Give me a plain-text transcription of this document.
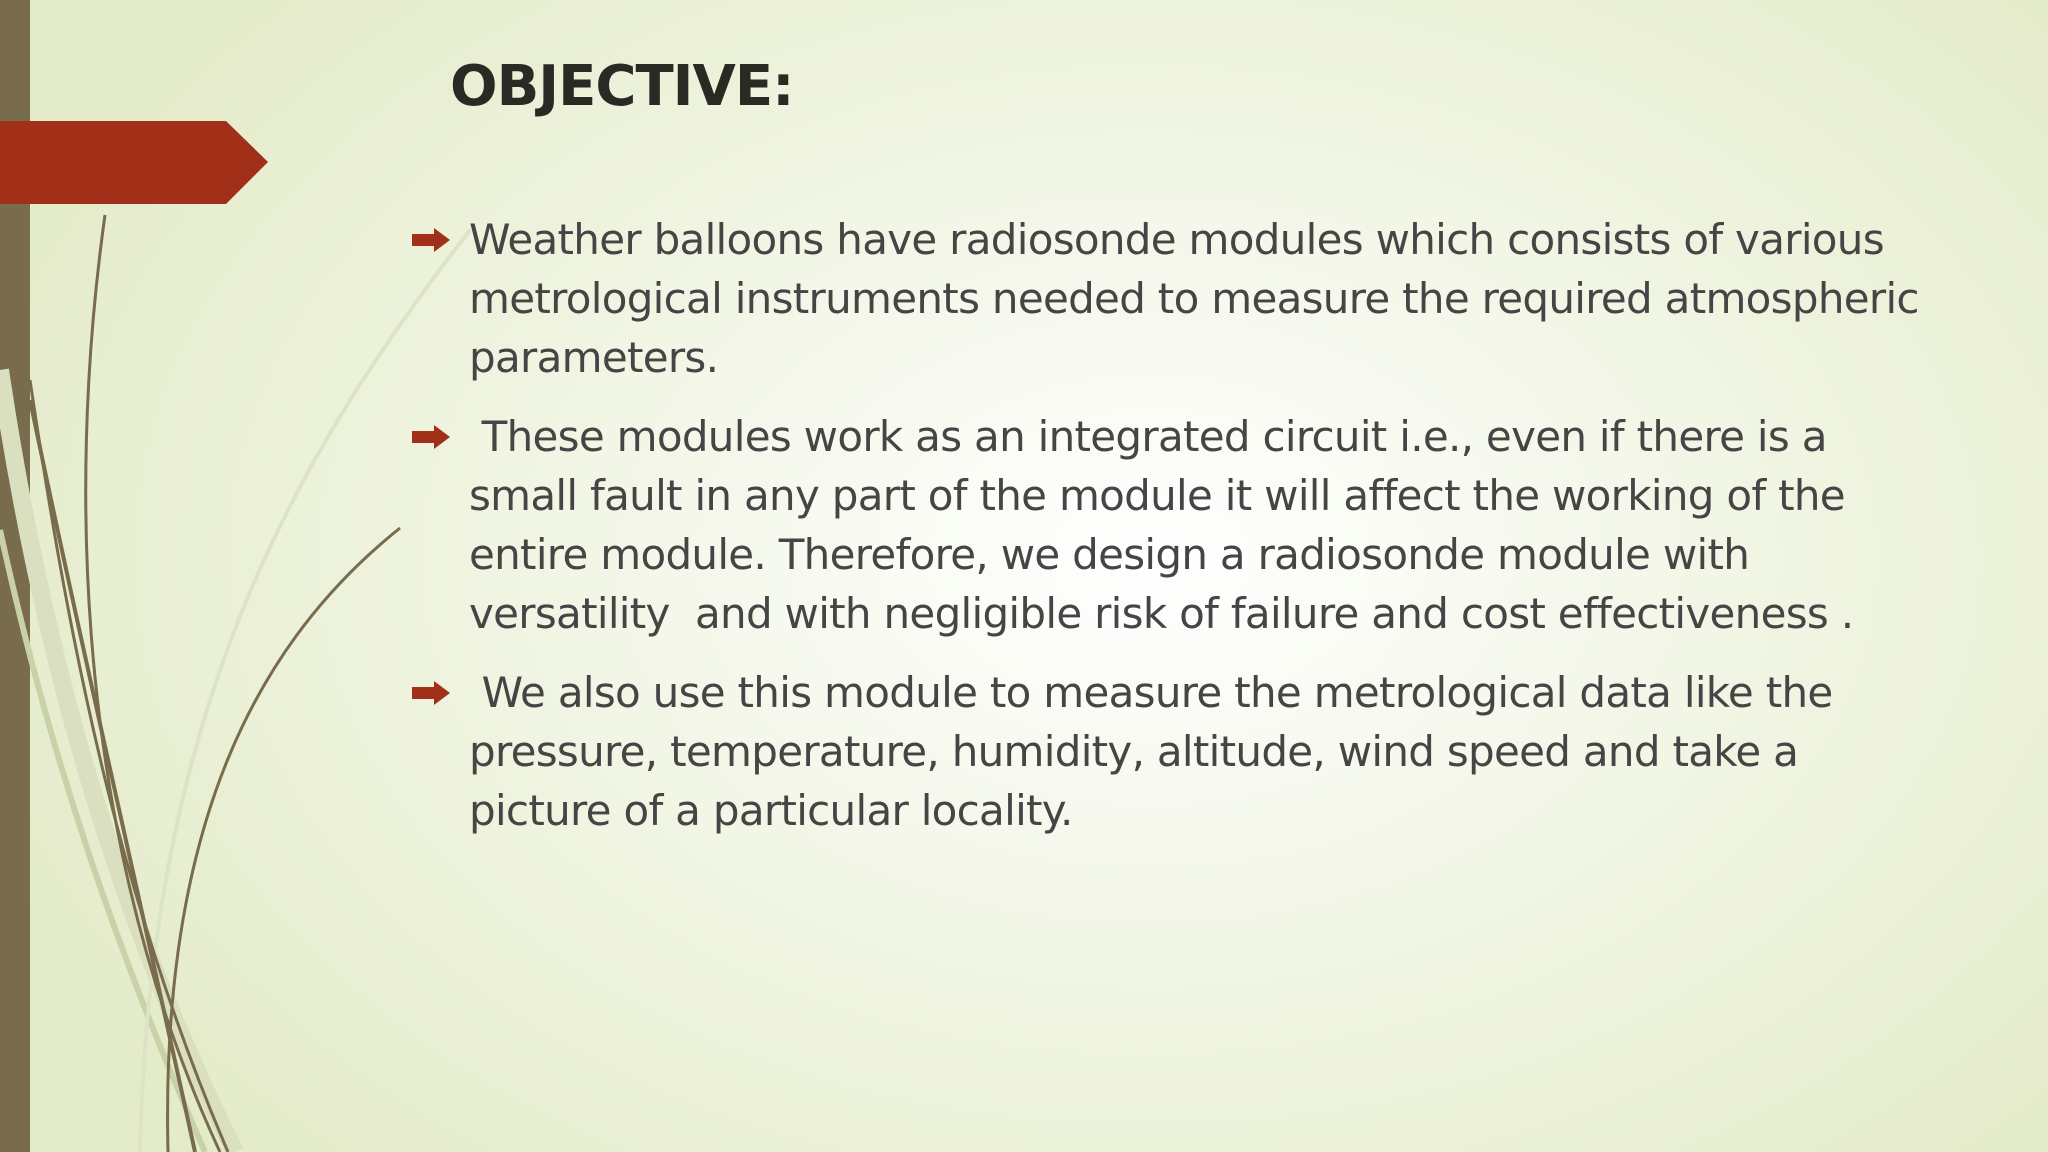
OBJECTIVE:
Weather balloons have radiosonde modules which consists of various metrological instruments needed to measure the required atmospheric parameters.
These modules work as an integrated circuit i.e., even if there is a small fault in any part of the module it will affect the working of the entire module. Therefore, we design a radiosonde module with versatility  and with negligible risk of failure and cost effectiveness .
We also use this module to measure the metrological data like the pressure, temperature, humidity, altitude, wind speed and take a picture of a particular locality.
